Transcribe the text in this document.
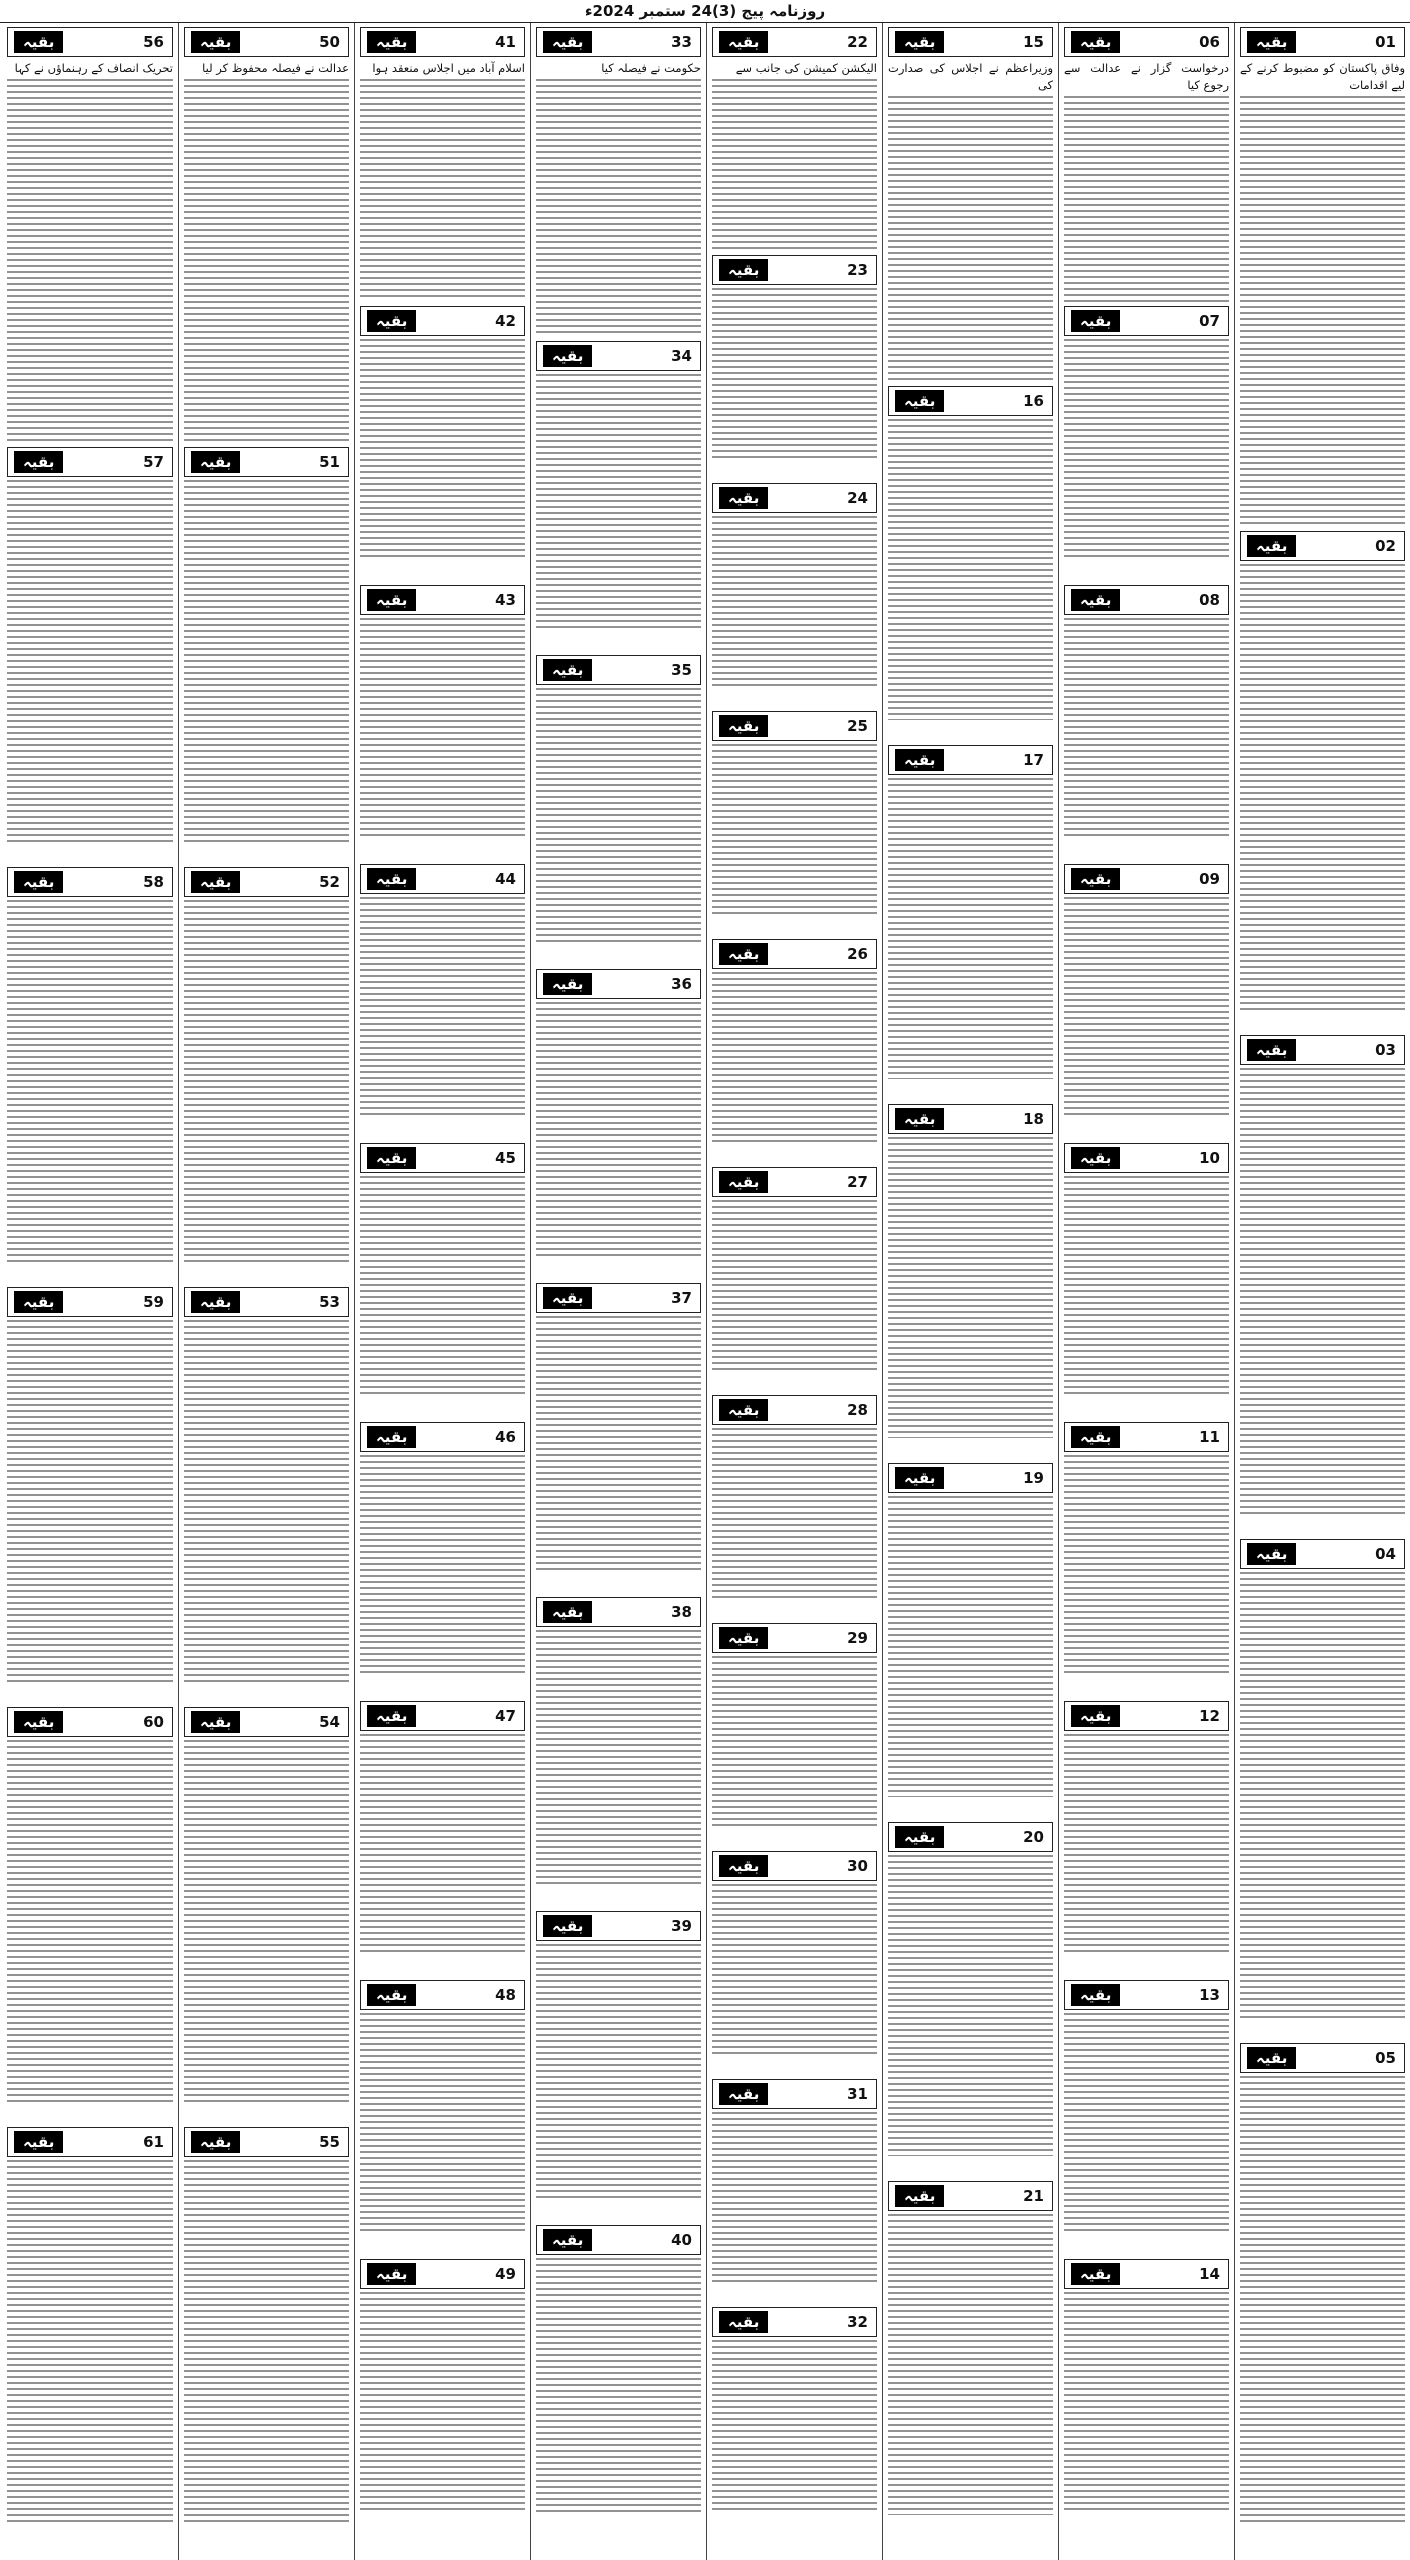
روزنامہ پیج (3)24 ستمبر 2024ء
01
بقیہ
وفاق پاکستان کو مضبوط کرنے کے لیے اقدامات
02
بقیہ
03
بقیہ
04
بقیہ
05
بقیہ
06
بقیہ
درخواست گزار نے عدالت سے رجوع کیا
07
بقیہ
08
بقیہ
09
بقیہ
10
بقیہ
11
بقیہ
12
بقیہ
13
بقیہ
14
بقیہ
15
بقیہ
وزیراعظم نے اجلاس کی صدارت کی
16
بقیہ
17
بقیہ
18
بقیہ
19
بقیہ
20
بقیہ
21
بقیہ
22
بقیہ
الیکشن کمیشن کی جانب سے
23
بقیہ
24
بقیہ
25
بقیہ
26
بقیہ
27
بقیہ
28
بقیہ
29
بقیہ
30
بقیہ
31
بقیہ
32
بقیہ
33
بقیہ
حکومت نے فیصلہ کیا
34
بقیہ
35
بقیہ
36
بقیہ
37
بقیہ
38
بقیہ
39
بقیہ
40
بقیہ
41
بقیہ
اسلام آباد میں اجلاس منعقد ہوا
42
بقیہ
43
بقیہ
44
بقیہ
45
بقیہ
46
بقیہ
47
بقیہ
48
بقیہ
49
بقیہ
50
بقیہ
عدالت نے فیصلہ محفوظ کر لیا
51
بقیہ
52
بقیہ
53
بقیہ
54
بقیہ
55
بقیہ
56
بقیہ
تحریک انصاف کے رہنماؤں نے کہا
57
بقیہ
58
بقیہ
59
بقیہ
60
بقیہ
61
بقیہ
